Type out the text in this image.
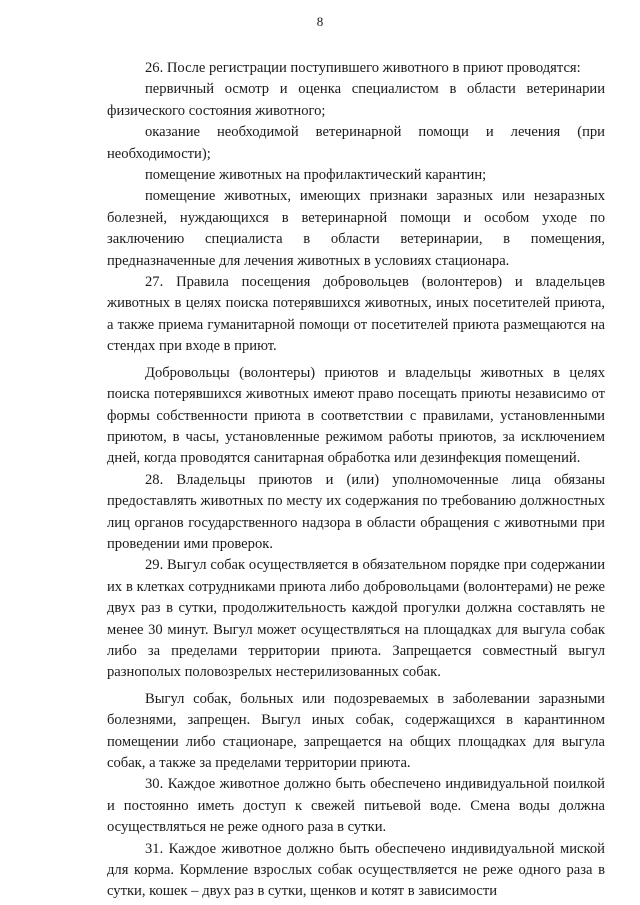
8

26. После регистрации поступившего животного в приют проводятся:

первичный осмотр и оценка специалистом в области ветеринарии физического состояния животного;

оказание необходимой ветеринарной помощи и лечения (при необходимости);

помещение животных на профилактический карантин;

помещение животных, имеющих признаки заразных или незаразных болезней, нуждающихся в ветеринарной помощи и особом уходе по заключению специалиста в области ветеринарии, в помещения, предназначенные для лечения животных в условиях стационара.

27. Правила посещения добровольцев (волонтеров) и владельцев животных в целях поиска потерявшихся животных, иных посетителей приюта, а также приема гуманитарной помощи от посетителей приюта размещаются на стендах при входе в приют.

Добровольцы (волонтеры) приютов и владельцы животных в целях поиска потерявшихся животных имеют право посещать приюты независимо от формы собственности приюта в соответствии с правилами, установленными приютом, в часы, установленные режимом работы приютов, за исключением дней, когда проводятся санитарная обработка или дезинфекция помещений.

28. Владельцы приютов и (или) уполномоченные лица обязаны предоставлять животных по месту их содержания по требованию должностных лиц органов государственного надзора в области обращения с животными при проведении ими проверок.

29. Выгул собак осуществляется в обязательном порядке при содержании их в клетках сотрудниками приюта либо добровольцами (волонтерами) не реже двух раз в сутки, продолжительность каждой прогулки должна составлять не менее 30 минут. Выгул может осуществляться на площадках для выгула собак либо за пределами территории приюта. Запрещается совместный выгул разнополых половозрелых нестерилизованных собак.

Выгул собак, больных или подозреваемых в заболевании заразными болезнями, запрещен. Выгул иных собак, содержащихся в карантинном помещении либо стационаре, запрещается на общих площадках для выгула собак, а также за пределами территории приюта.

30. Каждое животное должно быть обеспечено индивидуальной поилкой и постоянно иметь доступ к свежей питьевой воде. Смена воды должна осуществляться не реже одного раза в сутки.

31. Каждое животное должно быть обеспечено индивидуальной миской для корма. Кормление взрослых собак осуществляется не реже одного раза в сутки, кошек – двух раз в сутки, щенков и котят в зависимости
